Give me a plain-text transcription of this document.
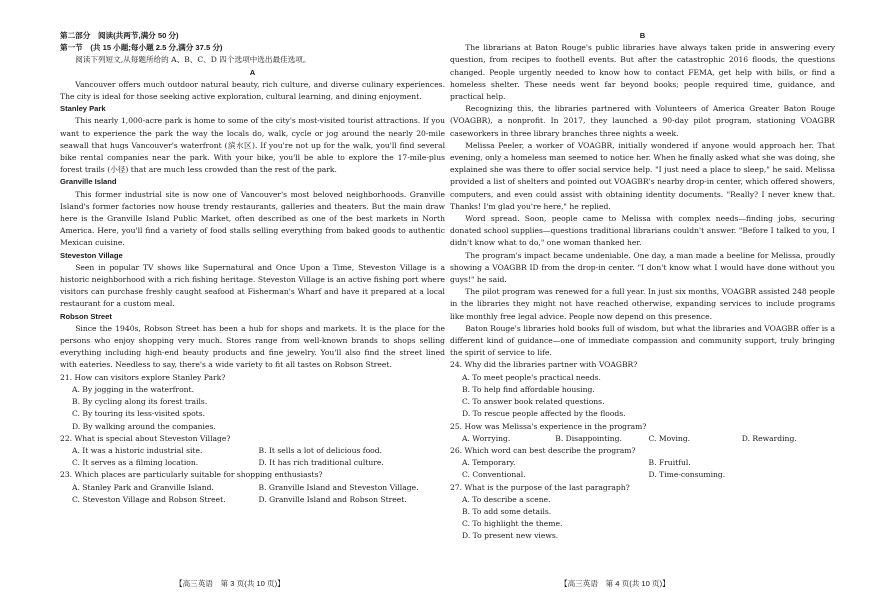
第二部分　阅读(共两节,满分 50 分)

第一节　(共 15 小题;每小题 2.5 分,满分 37.5 分)

阅读下列短文,从每题所给的 A、B、C、D 四个选项中选出最佳选项。

A

Vancouver offers much outdoor natural beauty, rich culture, and diverse culinary experiences. The city is ideal for those seeking active exploration, cultural learning, and dining enjoyment.

Stanley Park

This nearly 1,000-acre park is home to some of the city's most-visited tourist attractions. If you want to experience the park the way the locals do, walk, cycle or jog around the nearly 20-mile seawall that hugs Vancouver's waterfront (滨水区). If you're not up for the walk, you'll find several bike rental companies near the park. With your bike, you'll be able to explore the 17-mile-plus forest trails (小径) that are much less crowded than the rest of the park.

Granville Island

This former industrial site is now one of Vancouver's most beloved neighborhoods. Granville Island's former factories now house trendy restaurants, galleries and theaters. But the main draw here is the Granville Island Public Market, often described as one of the best markets in North America. Here, you'll find a variety of food stalls selling everything from baked goods to authentic Mexican cuisine.

Steveston Village

Seen in popular TV shows like Supernatural and Once Upon a Time, Steveston Village is a historic neighborhood with a rich fishing heritage. Steveston Village is an active fishing port where visitors can purchase freshly caught seafood at Fisherman's Wharf and have it prepared at a local restaurant for a custom meal.

Robson Street

Since the 1940s, Robson Street has been a hub for shops and markets. It is the place for the persons who enjoy shopping very much. Stores range from well-known brands to shops selling everything including high-end beauty products and fine jewelry. You'll also find the street lined with eateries. Needless to say, there's a wide variety to fit all tastes on Robson Street.

21. How can visitors explore Stanley Park?

A. By jogging in the waterfront.

B. By cycling along its forest trails.

C. By touring its less-visited spots.

D. By walking around the companies.

22. What is special about Steveston Village?

A. It was a historic industrial site.	B. It sells a lot of delicious food.
C. It serves as a filming location.	D. It has rich traditional culture.

23. Which places are particularly suitable for shopping enthusiasts?

A. Stanley Park and Granville Island.	B. Granville Island and Steveston Village.
C. Steveston Village and Robson Street.	D. Granville Island and Robson Street.

B

The librarians at Baton Rouge's public libraries have always taken pride in answering every question, from recipes to foothell events. But after the catastrophic 2016 floods, the questions changed. People urgently needed to know how to contact FEMA, get help with bills, or find a homeless shelter. These needs went far beyond books; people required time, guidance, and practical help.

Recognizing this, the libraries partnered with Volunteers of America Greater Baton Rouge (VOAGBR), a nonprofit. In 2017, they launched a 90-day pilot program, stationing VOAGBR caseworkers in three library branches three nights a week.

Melissa Peeler, a worker of VOAGBR, initially wondered if anyone would approach her. That evening, only a homeless man seemed to notice her. When he finally asked what she was doing, she explained she was there to offer social service help. "I just need a place to sleep," he said. Melissa provided a list of shelters and pointed out VOAGBR's nearby drop-in center, which offered showers, computers, and even could assist with obtaining identity documents. "Really? I never knew that. Thanks! I'm glad you're here," he replied.

Word spread. Soon, people came to Melissa with complex needs—finding jobs, securing donated school supplies—questions traditional librarians couldn't answer. "Before I talked to you, I didn't know what to do," one woman thanked her.

The program's impact became undeniable. One day, a man made a beeline for Melissa, proudly showing a VOAGBR ID from the drop-in center. "I don't know what I would have done without you guys!" he said.

The pilot program was renewed for a full year. In just six months, VOAGBR assisted 248 people in the libraries they might not have reached otherwise, expanding services to include programs like monthly free legal advice. People now depend on this presence.

Baton Rouge's libraries hold books full of wisdom, but what the libraries and VOAGBR offer is a different kind of guidance—one of immediate compassion and community support, truly bringing the spirit of service to life.

24. Why did the libraries partner with VOAGBR?

A. To meet people's practical needs.

B. To help find affordable housing.

C. To answer book related questions.

D. To rescue people affected by the floods.

25. How was Melissa's experience in the program?

A. Worrying.	B. Disappointing.	C. Moving.	D. Rewarding.

26. Which word can best describe the program?

A. Temporary.	B. Fruitful.
C. Conventional.	D. Time-consuming.

27. What is the purpose of the last paragraph?

A. To describe a scene.

B. To add some details.

C. To highlight the theme.

D. To present new views.

【高三英语　第 3 页(共 10 页)】	【高三英语　第 4 页(共 10 页)】
